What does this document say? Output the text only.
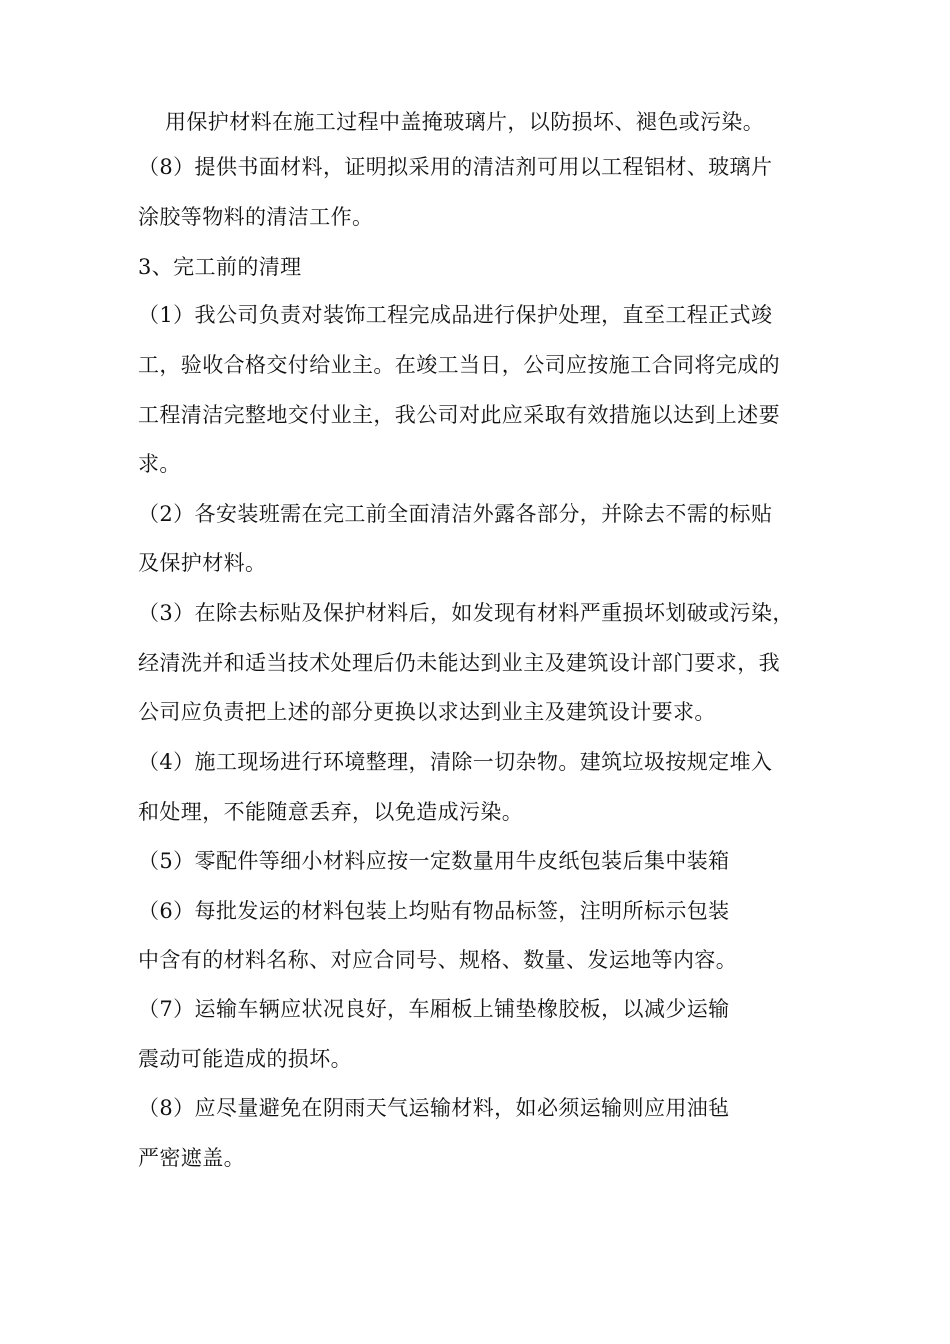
用保护材料在施工过程中盖掩玻璃片，以防损坏、褪色或污染。
（8）提供书面材料，证明拟采用的清洁剂可用以工程铝材、玻璃片
涂胶等物料的清洁工作。
3、完工前的清理
（1）我公司负责对装饰工程完成品进行保护处理，直至工程正式竣
工，验收合格交付给业主。在竣工当日，公司应按施工合同将完成的
工程清洁完整地交付业主，我公司对此应采取有效措施以达到上述要
求。
（2）各安装班需在完工前全面清洁外露各部分，并除去不需的标贴
及保护材料。
（3）在除去标贴及保护材料后，如发现有材料严重损坏划破或污染，
经清洗并和适当技术处理后仍未能达到业主及建筑设计部门要求，我
公司应负责把上述的部分更换以求达到业主及建筑设计要求。
（4）施工现场进行环境整理，清除一切杂物。建筑垃圾按规定堆入
和处理，不能随意丢弃，以免造成污染。
（5）零配件等细小材料应按一定数量用牛皮纸包装后集中装箱
（6）每批发运的材料包装上均贴有物品标签，注明所标示包装
中含有的材料名称、对应合同号、规格、数量、发运地等内容。
（7）运输车辆应状况良好，车厢板上铺垫橡胶板，以减少运输
震动可能造成的损坏。
（8）应尽量避免在阴雨天气运输材料，如必须运输则应用油毡
严密遮盖。
